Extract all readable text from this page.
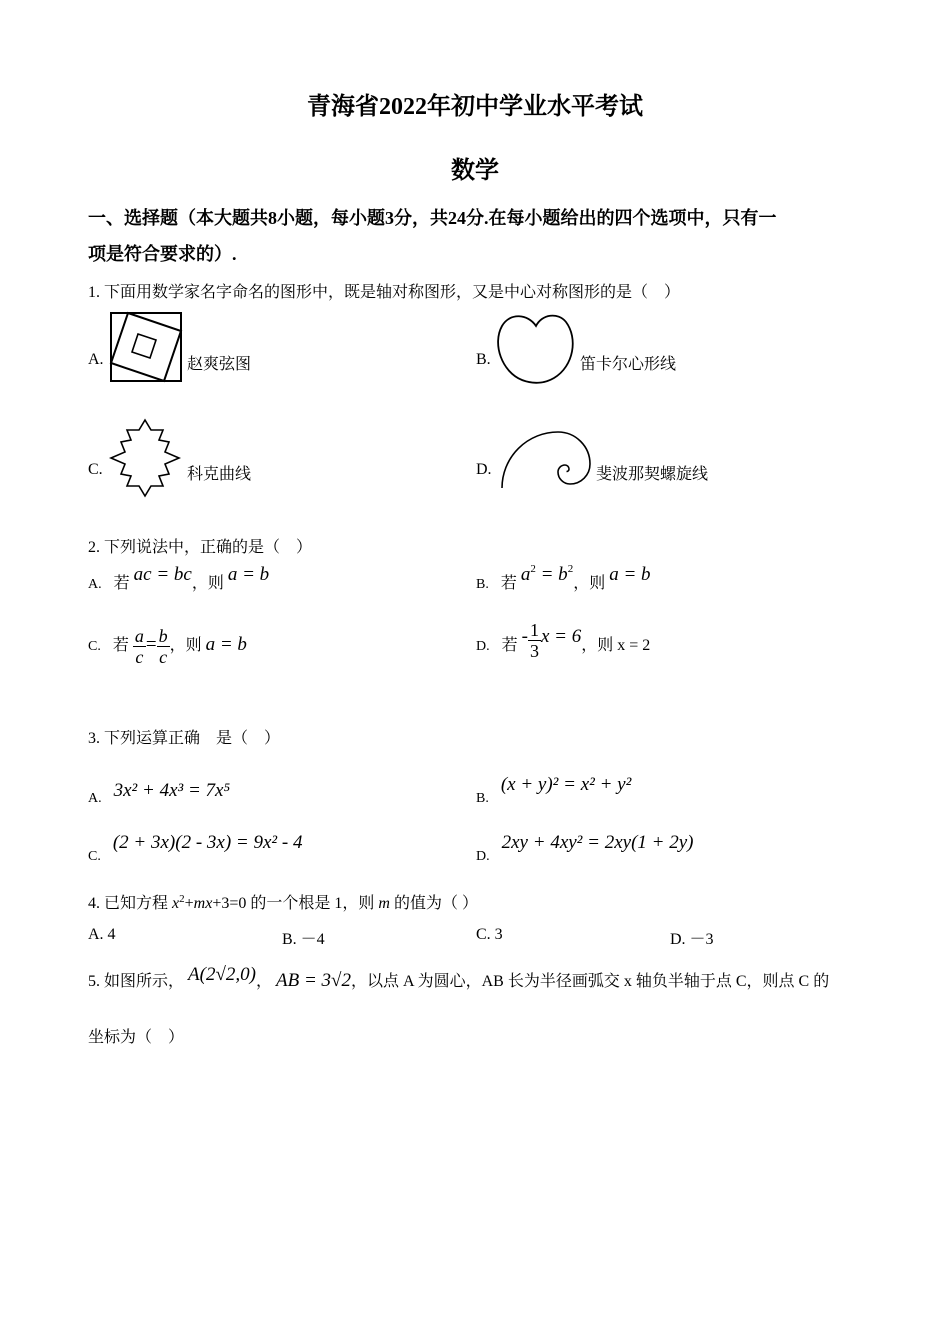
青海省2022年初中学业水平考试
数学
一、选择题（本大题共8小题，每小题3分，共24分.在每小题给出的四个选项中，只有一
项是符合要求的）.
1. 下面用数学家名字命名的图形中，既是轴对称图形，又是中心对称图形的是（　）
A.	赵爽弦图	B.	笛卡尔心形线
C.	科克曲线	D.	斐波那契螺旋线
2. 下列说法中，正确的是（　）
A. 若 ac = bc，则 a = b	B. 若 $a^2 = b^2$，则 a = b
C. 若 $\frac{a}{c} = \frac{b}{c}$ ，则 a = b	D. 若 - $\frac{1}{3}$ x = 6，则 x = 2
3. 下列运算正确　是（　）
A. 3x² + 4x³ = 7x⁵	B. (x + y)² = x² + y²
C. (2 + 3x)(2 - 3x) = 9x² - 4
D. 2xy + 4xy² = 2xy(1 + 2y)
4. 已知方程 $x^2+mx+3=0$ 的一个根是 1，则 m 的值为（ ）
A. 4	B. －4	C. 3	D. －3
5. 如图所示， A(2√2,0)， AB = 3√2，以点 A 为圆心，AB 长为半径画弧交 x 轴负半轴于点 C，则点 C 的
坐标为（　）
